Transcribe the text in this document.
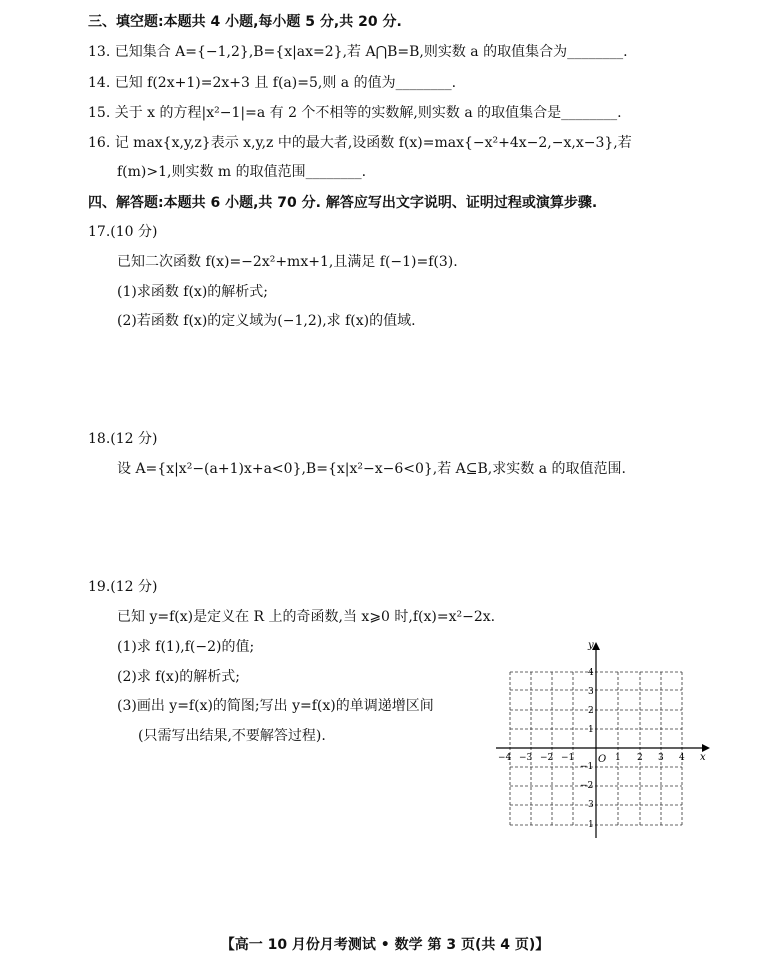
三、填空题:本题共 4 小题,每小题 5 分,共 20 分.
13. 已知集合 A={−1,2},B={x|ax=2},若 A⋂B=B,则实数 a 的取值集合为________.
14. 已知 f(2x+1)=2x+3 且 f(a)=5,则 a 的值为________.
15. 关于 x 的方程|x²−1|=a 有 2 个不相等的实数解,则实数 a 的取值集合是________.
16. 记 max{x,y,z}表示 x,y,z 中的最大者,设函数 f(x)=max{−x²+4x−2,−x,x−3},若
f(m)>1,则实数 m 的取值范围________.
四、解答题:本题共 6 小题,共 70 分. 解答应写出文字说明、证明过程或演算步骤.
17.(10 分)
已知二次函数 f(x)=−2x²+mx+1,且满足 f(−1)=f(3).
(1)求函数 f(x)的解析式;
(2)若函数 f(x)的定义域为(−1,2),求 f(x)的值域.
18.(12 分)
设 A={x|x²−(a+1)x+a<0},B={x|x²−x−6<0},若 A⊆B,求实数 a 的取值范围.
19.(12 分)
已知 y=f(x)是定义在 R 上的奇函数,当 x⩾0 时,f(x)=x²−2x.
(1)求 f(1),f(−2)的值;
(2)求 f(x)的解析式;
(3)画出 y=f(x)的简图;写出 y=f(x)的单调递增区间
(只需写出结果,不要解答过程).
y
x
O
4
3
2
1
−1
−2
3
1
−4 −3 −2 −1	1 2 3 4
【高一 10 月份月考测试 • 数学 第 3 页(共 4 页)】
